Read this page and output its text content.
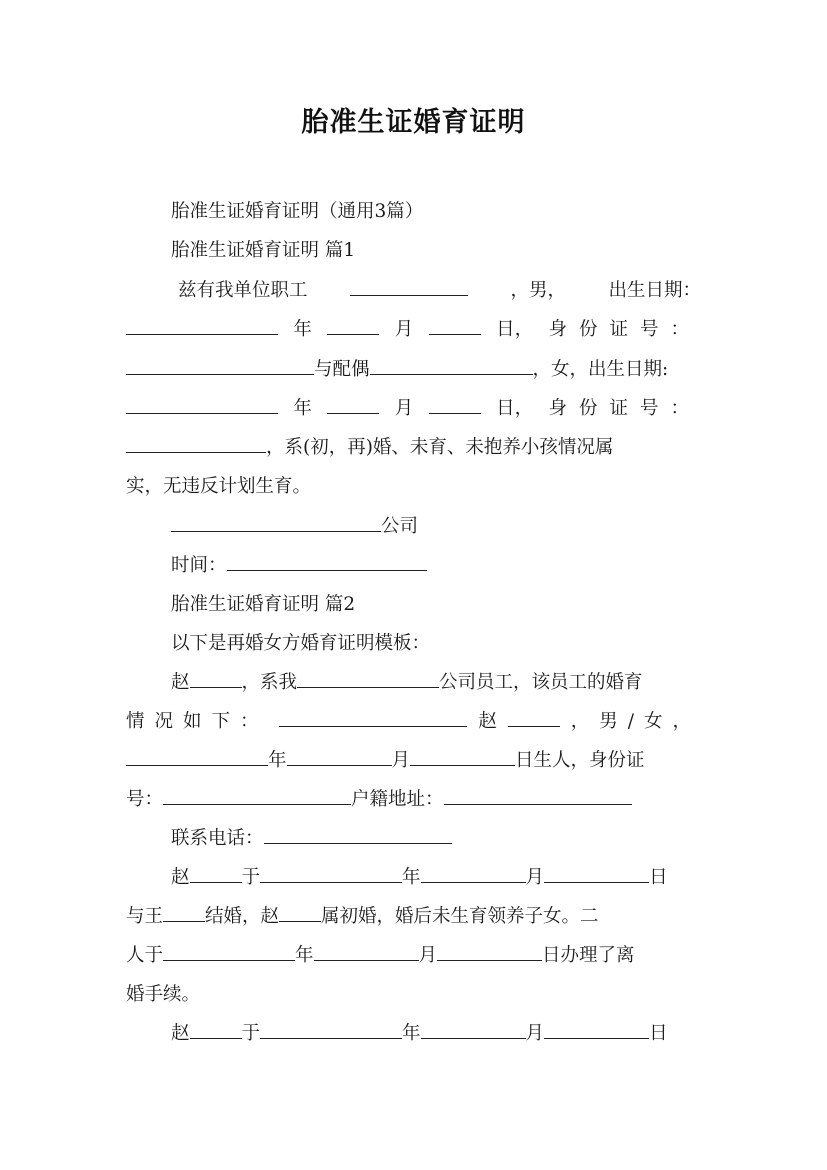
胎准生证婚育证明
胎准生证婚育证明（通用3篇）
胎准生证婚育证明 篇1
兹有我单位职工	，男， 出生日期：
年	月	日， 身份证号：
与配偶	，女，出生日期:
年	月	日， 身份证号：
，系(初，再)婚、未育、未抱养小孩情况属
实，无违反计划生育。
公司
时间：
胎准生证婚育证明 篇2
以下是再婚女方婚育证明模板：
赵	，系我	公司员工，该员工的婚育
情况如下：	赵	，男/女，
年	月	日生人，身份证
号：	户籍地址：
联系电话：
赵	于	年	月	日
与王 结婚，赵 属初婚，婚后未生育领养子女。二
人于	年	月	日办理了离
婚手续。
赵	于	年	月	日
